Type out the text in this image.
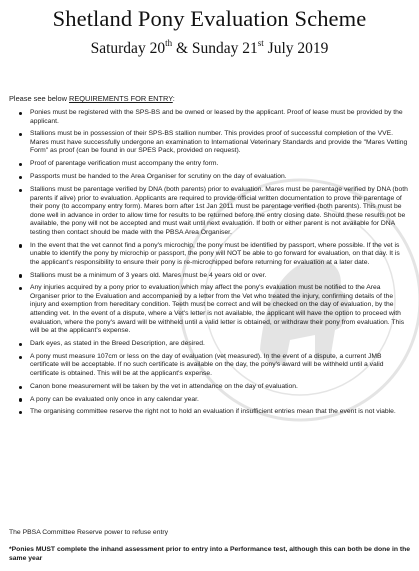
Shetland Pony Evaluation Scheme
Saturday 20th & Sunday 21st July 2019
Please see below REQUIREMENTS FOR ENTRY:
Ponies must be registered with the SPS-BS and be owned or leased by the applicant. Proof of lease must be provided by the applicant.
Stallions must be in possession of their SPS-BS stallion number. This provides proof of successful completion of the VVE. Mares must have successfully undergone an examination to International Veterinary Standards and provide the "Mares Vetting Form" as proof (can be found in our SPES Pack, provided on request).
Proof of parentage verification must accompany the entry form.
Passports must be handed to the Area Organiser for scrutiny on the day of evaluation.
Stallions must be parentage verified by DNA (both parents) prior to evaluation. Mares must be parentage verified by DNA (both parents if alive) prior to evaluation. Applicants are required to provide official written documentation to prove the parentage of their pony (to accompany entry form). Mares born after 1st Jan 2011 must be parentage verified (both parents). This must be done well in advance in order to allow time for results to be returned before the entry closing date. Should these results not be available, the pony will not be accepted and must wait until next evaluation. If both or either parent is not available for DNA testing then contact should be made with the PBSA Area Organiser.
In the event that the vet cannot find a pony's microchip, the pony must be identified by passport, where possible. If the vet is unable to identify the pony by microchip or passport, the pony will NOT be able to go forward for evaluation, on that day. It is the applicant's responsibility to ensure their pony is re-microchipped before returning for evaluation at a later date.
Stallions must be a minimum of 3 years old. Mares must be 4 years old or over.
Any injuries acquired by a pony prior to evaluation which may affect the pony's evaluation must be notified to the Area Organiser prior to the Evaluation and accompanied by a letter from the Vet who treated the injury, confirming details of the injury and exemption from hereditary condition. Teeth must be correct and will be checked on the day of evaluation, by the attending vet. In the event of a dispute, where a Vet's letter is not available, the applicant will have the option to proceed with evaluation, where the pony's award will be withheld until a valid letter is obtained, or withdraw their pony from evaluation. This will be at the applicant's expense.
Dark eyes, as stated in the Breed Description, are desired.
A pony must measure 107cm or less on the day of evaluation (vet measured). In the event of a dispute, a current JMB certificate will be acceptable. If no such certificate is available on the day, the pony's award will be withheld until a valid certificate is obtained. This will be at the applicant's expense.
Canon bone measurement will be taken by the vet in attendance on the day of evaluation.
A pony can be evaluated only once in any calendar year.
The organising committee reserve the right not to hold an evaluation if insufficient entries mean that the event is not viable.
The PBSA Committee Reserve power to refuse entry
*Ponies MUST complete the inhand assessment prior to entry into a Performance test, although this can both be done in the same year
